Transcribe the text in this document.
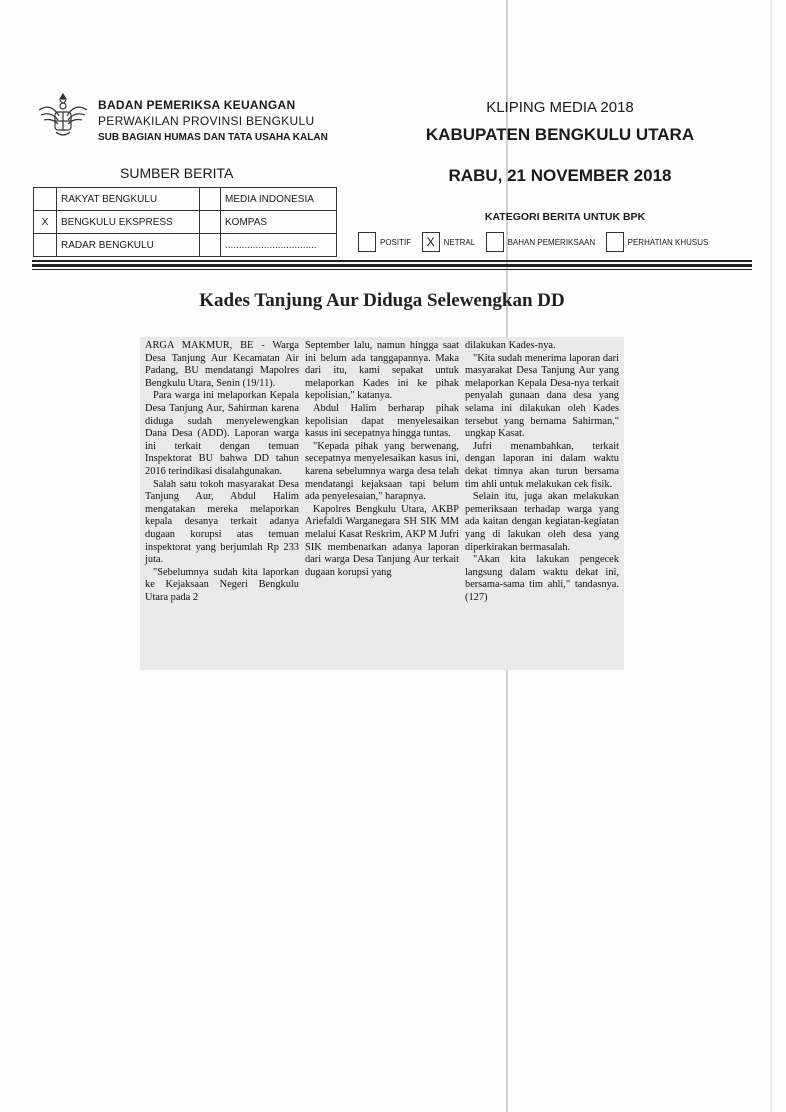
BADAN PEMERIKSA KEUANGAN
PERWAKILAN PROVINSI BENGKULU
SUB BAGIAN HUMAS DAN TATA USAHA KALAN
KLIPING MEDIA 2018
KABUPATEN BENGKULU UTARA
SUMBER BERITA	RABU, 21 NOVEMBER 2018
	RAKYAT BENGKULU		MEDIA INDONESIA
X	BENGKULU EKSPRESS		KOMPAS
	RADAR BENGKULU		.................................
KATEGORI BERITA UNTUK BPK
POSITIF X NETRAL	BAHAN PEMERIKSAAN	PERHATIAN KHUSUS
Kades Tanjung Aur Diduga Selewengkan DD

ARGA MAKMUR, BE - Warga Desa Tanjung Aur Kecamatan Air Padang, BU mendatangi Mapolres Bengkulu Utara, Senin (19/11).

Para warga ini melaporkan Kepala Desa Tanjung Aur, Sahirman karena diduga sudah menyelewengkan Dana Desa (ADD). Laporan warga ini terkait dengan temuan Inspektorat BU bahwa DD tahun 2016 terindikasi disalahgunakan.

Salah satu tokoh masyarakat Desa Tanjung Aur, Abdul Halim mengatakan mereka melaporkan kepala desanya terkait adanya dugaan korupsi atas temuan inspektorat yang berjumlah Rp 233 juta.

"Sebelumnya sudah kita laporkan ke Kejaksaan Negeri Bengkulu Utara pada 2

September lalu, namun hingga saat ini belum ada tanggapannya. Maka dari itu, kami sepakat untuk melaporkan Kades ini ke pihak kepolisian," katanya.

Abdul Halim berharap pihak kepolisian dapat menyelesaikan kasus ini secepatnya hingga tuntas.

"Kepada pihak yang berwenang, secepatnya menyelesaikan kasus ini, karena sebelumnya warga desa telah mendatangi kejaksaan tapi belum ada penyelesaian," harapnya.

Kapolres Bengkulu Utara, AKBP Ariefaldi Warganegara SH SIK MM melalui Kasat Reskrim, AKP M Jufri SIK membenarkan adanya laporan dari warga Desa Tanjung Aur terkait dugaan korupsi yang

dilakukan Kades-nya.

"Kita sudah menerima laporan dari masyarakat Desa Tanjung Aur yang melaporkan Kepala Desa-nya terkait penyalah gunaan dana desa yang selama ini dilakukan oleh Kades tersebut yang bernama Sahirman," ungkap Kasat.

Jufri menambahkan, terkait dengan laporan ini dalam waktu dekat timnya akan turun bersama tim ahli untuk melakukan cek fisik.

Selain itu, juga akan melakukan pemeriksaan terhadap warga yang ada kaitan dengan kegiatan-kegiatan yang di lakukan oleh desa yang diperkirakan bermasalah.

"Akan kita lakukan pengecek langsung dalam waktu dekat ini, bersama-sama tim ahli," tandasnya.(127)
